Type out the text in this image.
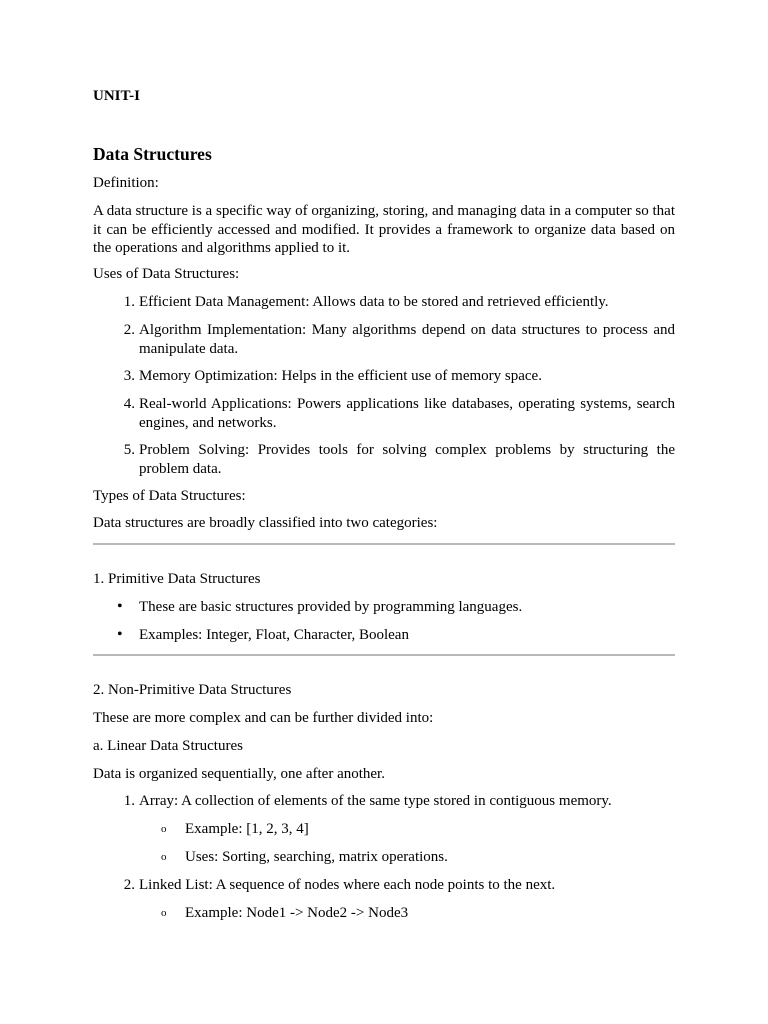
UNIT-I
Data Structures
Definition:
A data structure is a specific way of organizing, storing, and managing data in a computer so that it can be efficiently accessed and modified. It provides a framework to organize data based on the operations and algorithms applied to it.
Uses of Data Structures:
1. Efficient Data Management: Allows data to be stored and retrieved efficiently.
2. Algorithm Implementation: Many algorithms depend on data structures to process and manipulate data.
3. Memory Optimization: Helps in the efficient use of memory space.
4. Real-world Applications: Powers applications like databases, operating systems, search engines, and networks.
5. Problem Solving: Provides tools for solving complex problems by structuring the problem data.
Types of Data Structures:
Data structures are broadly classified into two categories:
1. Primitive Data Structures
• These are basic structures provided by programming languages.
• Examples: Integer, Float, Character, Boolean
2. Non-Primitive Data Structures
These are more complex and can be further divided into:
a. Linear Data Structures
Data is organized sequentially, one after another.
1. Array: A collection of elements of the same type stored in contiguous memory.
o Example: [1, 2, 3, 4]
o Uses: Sorting, searching, matrix operations.
2. Linked List: A sequence of nodes where each node points to the next.
o Example: Node1 -> Node2 -> Node3
